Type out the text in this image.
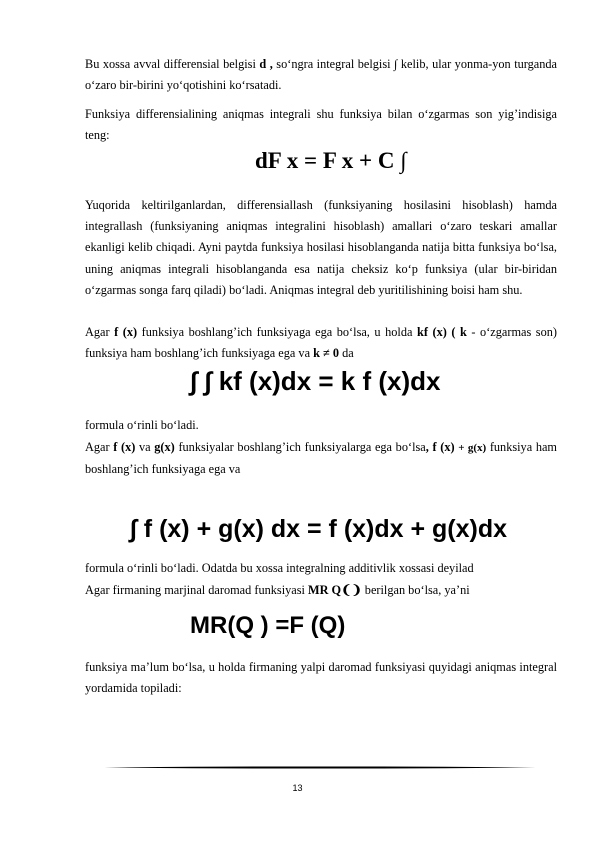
Bu xossa avval differensial belgisi d , so‘ngra integral belgisi ∫ kelib, ular yonma-yon turganda o‘zaro bir-birini yo‘qotishini ko‘rsatadi.

Funksiya differensialining aniqmas integrali shu funksiya bilan o‘zgarmas son yig’indisiga teng:

dF x = F x + C ∫

Yuqorida keltirilganlardan, differensiallash (funksiyaning hosilasini hisoblash) hamda integrallash (funksiyaning aniqmas integralini hisoblash) amallari o‘zaro teskari amallar ekanligi kelib chiqadi. Ayni paytda funksiya hosilasi hisoblanganda natija bitta funksiya bo‘lsa, uning aniqmas integrali hisoblanganda esa natija cheksiz ko‘p funksiya (ular bir-biridan o‘zgarmas songa farq qiladi) bo‘ladi. Aniqmas integral deb yuritilishining boisi ham shu.

Agar f (x) funksiya boshlang’ich funksiyaga ega bo‘lsa, u holda kf (x) ( k - o‘zgarmas son) funksiya ham boshlang’ich funksiyaga ega va k ≠ 0 da

∫ ∫ kf (x)dx = k f (x)dx

formula o‘rinli bo‘ladi.

Agar f (x) va g(x) funksiyalar boshlang’ich funksiyalarga ega bo‘lsa, f (x) + g(x) funksiya ham boshlang’ich funksiyaga ega va

∫ f (x) + g(x) dx = f (x)dx + g(x)dx

formula o‘rinli bo‘ladi. Odatda bu xossa integralning additivlik xossasi deyilad

Agar firmaning marjinal daromad funksiyasi MR Q❨❩ berilgan bo‘lsa, ya’ni

MR(Q ) =F (Q)

funksiya ma’lum bo‘lsa, u holda firmaning yalpi daromad funksiyasi quyidagi aniqmas integral yordamida topiladi:

13
